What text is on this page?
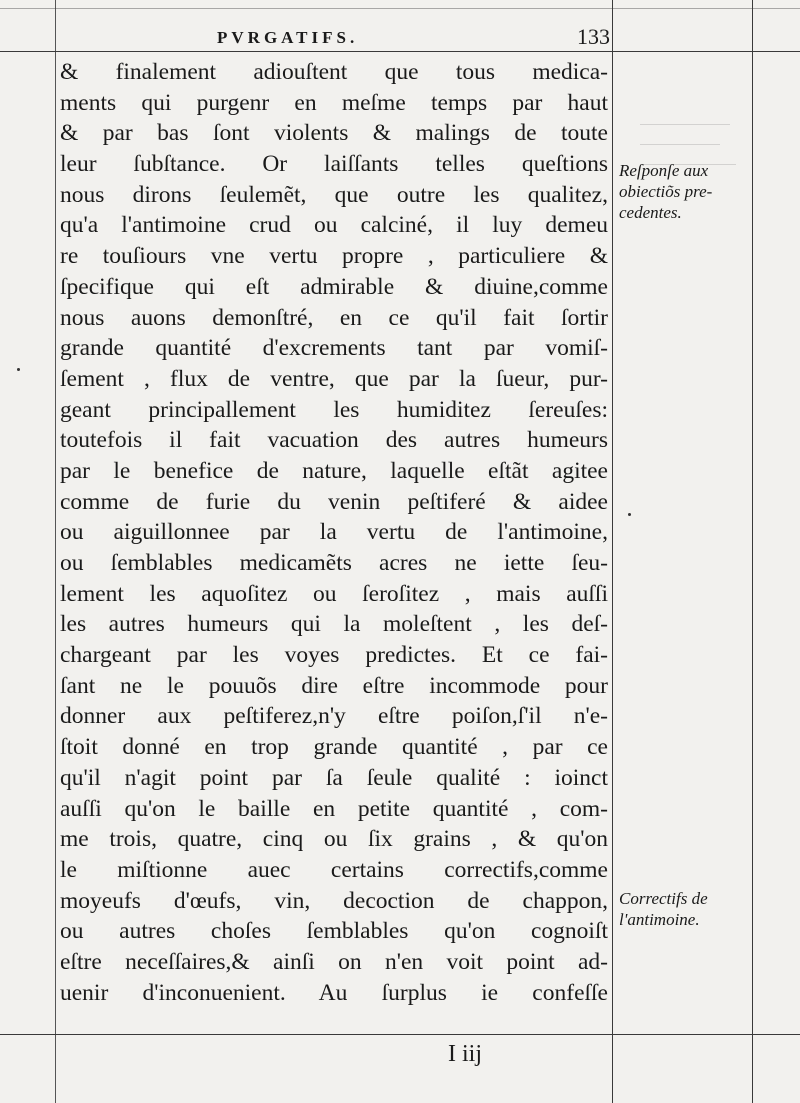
PVRGATIFS.	133
& finalement adiouſtent que tous medica-
ments qui purgenr en meſme temps par haut
& par bas ſont violents & malings de toute
leur ſubſtance. Or laiſſants telles queſtions
nous dirons ſeulemẽt, que outre les qualitez,
qu'a l'antimoine crud ou calciné, il luy demeu
re touſiours vne vertu propre , particuliere &
ſpecifique qui eſt admirable & diuine,comme
nous auons demonſtré, en ce qu'il fait ſortir
grande quantité d'excrements tant par vomiſ-
ſement , flux de ventre, que par la ſueur, pur-
geant principallement les humiditez ſereuſes:
toutefois il fait vacuation des autres humeurs
par le benefice de nature, laquelle eſtãt agitee
comme de furie du venin peſtiferé & aidee
ou aiguillonnee par la vertu de l'antimoine,
ou ſemblables medicamẽts acres ne iette ſeu-
lement les aquoſitez ou ſeroſitez , mais auſſi
les autres humeurs qui la moleſtent , les deſ-
chargeant par les voyes predictes. Et ce fai-
ſant ne le pouuõs dire eſtre incommode pour
donner aux peſtiferez,n'y eſtre poiſon,ſ'il n'e-
ſtoit donné en trop grande quantité , par ce
qu'il n'agit point par ſa ſeule qualité : ioinct
auſſi qu'on le baille en petite quantité , com-
me trois, quatre, cinq ou ſix grains , & qu'on
le miſtionne auec certains correctifs,comme
moyeufs d'œufs, vin, decoction de chappon,
ou autres choſes ſemblables qu'on cognoiſt
eſtre neceſſaires,& ainſi on n'en voit point ad-
uenir d'inconuenient. Au ſurplus ie confeſſe
Reſponſe aux
obiectiõs pre-
cedentes.
Correctifs de
l'antimoine.
I iij
